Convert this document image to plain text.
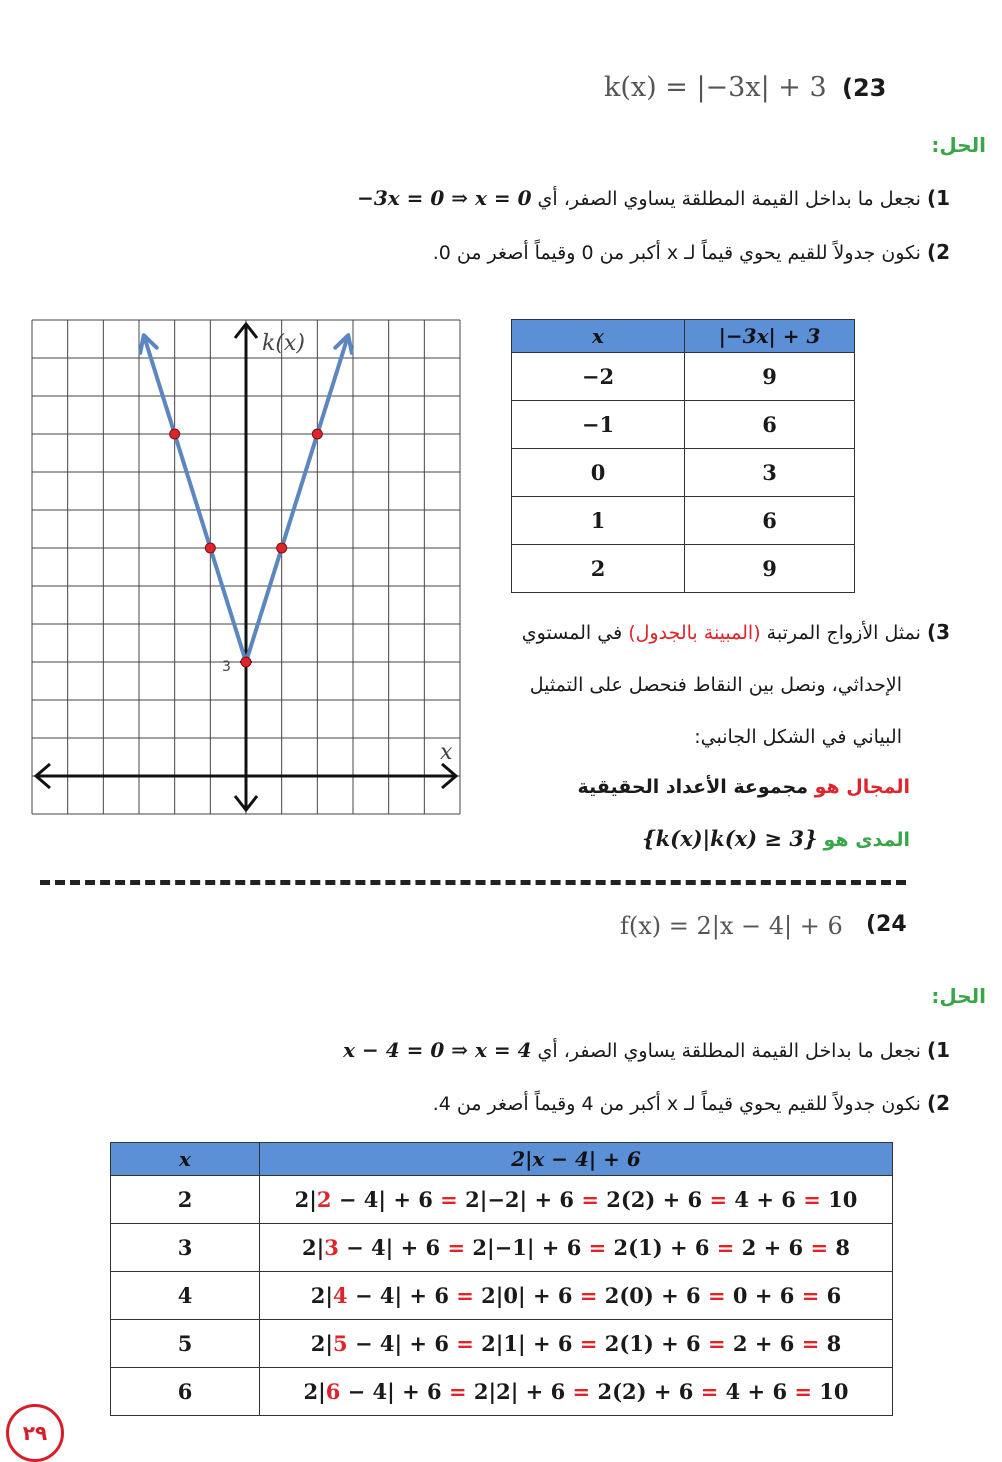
k(x) = |−3x| + 3 (23
الحل:
1) نجعل ما بداخل القيمة المطلقة يساوي الصفر، أي −3x = 0 ⇒ x = 0
2) نكون جدولاً للقيم يحوي قيماً لـ x أكبر من 0 وقيماً أصغر من 0.
k(x)
x
3
x	|−3x| + 3
−2	9
−1	6
0	3
1	6
2	9
3) نمثل الأزواج المرتبة (المبينة بالجدول) في المستوي
الإحداثي، ونصل بين النقاط فنحصل على التمثيل
البياني في الشكل الجانبي:
المجال هو مجموعة الأعداد الحقيقية
المدى هو {k(x)|k(x) ≥ 3}
f(x) = 2|x − 4| + 6 (24
الحل:
1) نجعل ما بداخل القيمة المطلقة يساوي الصفر، أي x − 4 = 0 ⇒ x = 4
2) نكون جدولاً للقيم يحوي قيماً لـ x أكبر من 4 وقيماً أصغر من 4.
x	2|x − 4| + 6
2	2|2 − 4| + 6 = 2|−2| + 6 = 2(2) + 6 = 4 + 6 = 10
3	2|3 − 4| + 6 = 2|−1| + 6 = 2(1) + 6 = 2 + 6 = 8
4	2|4 − 4| + 6 = 2|0| + 6 = 2(0) + 6 = 0 + 6 = 6
5	2|5 − 4| + 6 = 2|1| + 6 = 2(1) + 6 = 2 + 6 = 8
6	2|6 − 4| + 6 = 2|2| + 6 = 2(2) + 6 = 4 + 6 = 10
٢٩
